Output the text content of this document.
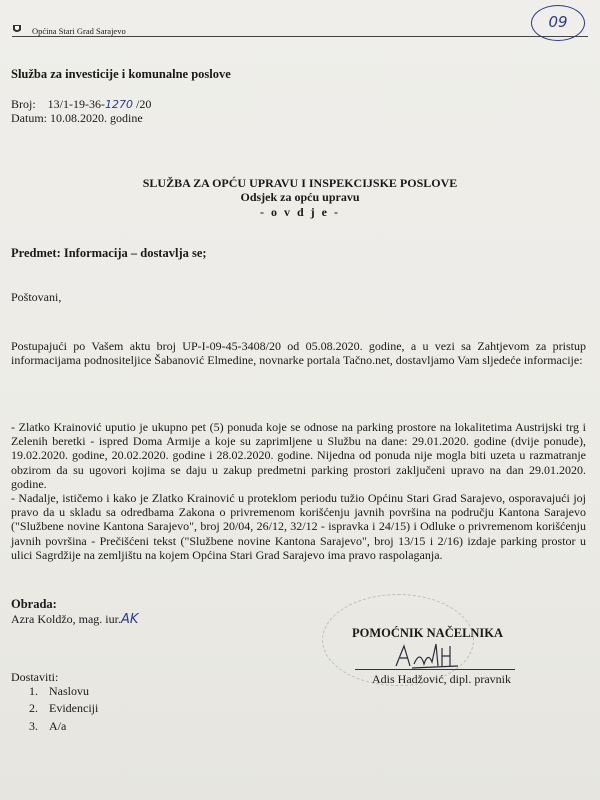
Općina Stari Grad Sarajevo	09
Služba za investicije i komunalne poslove
Broj: 13/1-19-36-1270 /20
Datum: 10.08.2020. godine
SLUŽBA ZA OPĆU UPRAVU I INSPEKCIJSKE POSLOVE
Odsjek za opću upravu
- o v d j e -
Predmet: Informacija – dostavlja se;
Poštovani,
Postupajući po Vašem aktu broj UP-I-09-45-3408/20 od 05.08.2020. godine, a u vezi sa Zahtjevom za pristup informacijama podnositeljice Šabanović Elmedine, novnarke portala Tačno.net, dostavljamo Vam sljedeće informacije:
- Zlatko Krainović uputio je ukupno pet (5) ponuda koje se odnose na parking prostore na lokalitetima Austrijski trg i Zelenih beretki - ispred Doma Armije a koje su zaprimljene u Službu na dane: 29.01.2020. godine (dvije ponude), 19.02.2020. godine, 20.02.2020. godine i 28.02.2020. godine. Nijedna od ponuda nije mogla biti uzeta u razmatranje obzirom da su ugovori kojima se daju u zakup predmetni parking prostori zaključeni upravo na dan 29.01.2020. godine.
- Nadalje, ističemo i kako je Zlatko Krainović u proteklom periodu tužio Općinu Stari Grad Sarajevo, osporavajući joj pravo da u skladu sa odredbama Zakona o privremenom korišćenju javnih površina na području Kantona Sarajevo ("Službene novine Kantona Sarajevo", broj 20/04, 26/12, 32/12 - ispravka i 24/15) i Odluke o privremenom korišćenju javnih površina - Prečišćeni tekst ("Službene novine Kantona Sarajevo", broj 13/15 i 2/16) izdaje parking prostor u ulici Sagrdžije na zemljištu na kojem Općina Stari Grad Sarajevo ima pravo raspolaganja.
Obrada:
Azra Koldžo, mag. iur.AK
POMOĆNIK NAČELNIKA
Adis Hadžović, dipl. pravnik
Dostaviti:
1. Naslovu
2. Evidenciji
3. A/a
